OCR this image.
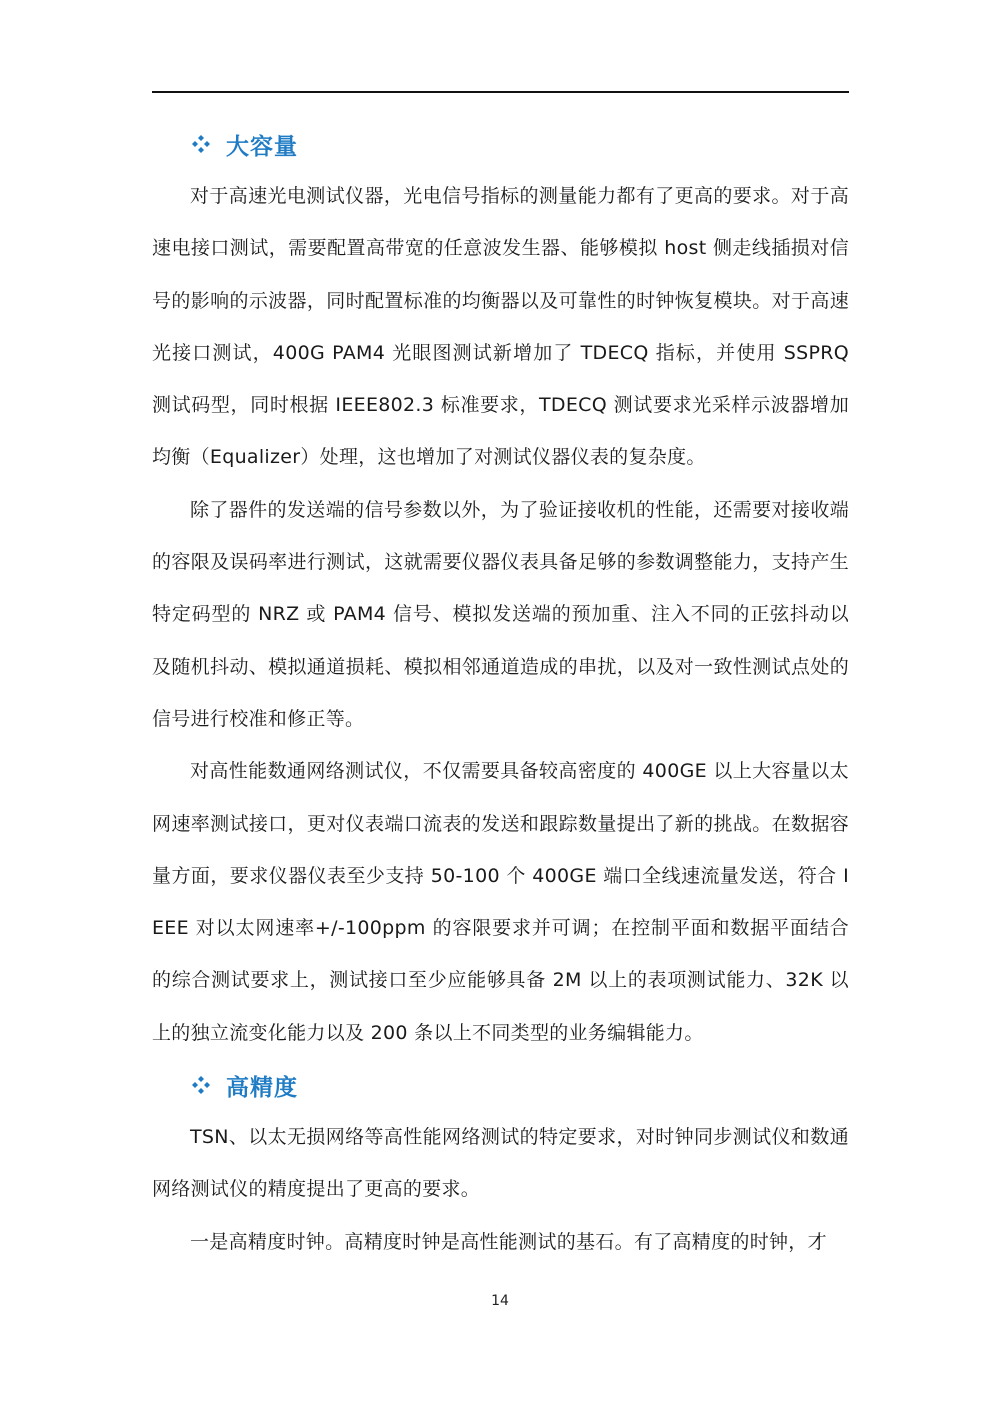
大容量

对于高速光电测试仪器，光电信号指标的测量能力都有了更高的要求。对于高速电接口测试，需要配置高带宽的任意波发生器、能够模拟 host 侧走线插损对信号的影响的示波器，同时配置标准的均衡器以及可靠性的时钟恢复模块。对于高速光接口测试，400G PAM4 光眼图测试新增加了 TDECQ 指标，并使用 SSPRQ 测试码型，同时根据 IEEE802.3 标准要求，TDECQ 测试要求光采样示波器增加均衡（Equalizer）处理，这也增加了对测试仪器仪表的复杂度。

除了器件的发送端的信号参数以外，为了验证接收机的性能，还需要对接收端的容限及误码率进行测试，这就需要仪器仪表具备足够的参数调整能力，支持产生特定码型的 NRZ 或 PAM4 信号、模拟发送端的预加重、注入不同的正弦抖动以及随机抖动、模拟通道损耗、模拟相邻通道造成的串扰，以及对一致性测试点处的信号进行校准和修正等。

对高性能数通网络测试仪，不仅需要具备较高密度的 400GE 以上大容量以太网速率测试接口，更对仪表端口流表的发送和跟踪数量提出了新的挑战。在数据容量方面，要求仪器仪表至少支持 50-100 个 400GE 端口全线速流量发送，符合 IEEE 对以太网速率+/-100ppm 的容限要求并可调；在控制平面和数据平面结合的综合测试要求上，测试接口至少应能够具备 2M 以上的表项测试能力、32K 以上的独立流变化能力以及 200 条以上不同类型的业务编辑能力。

高精度

TSN、以太无损网络等高性能网络测试的特定要求，对时钟同步测试仪和数通网络测试仪的精度提出了更高的要求。

一是高精度时钟。高精度时钟是高性能测试的基石。有了高精度的时钟，才

14
